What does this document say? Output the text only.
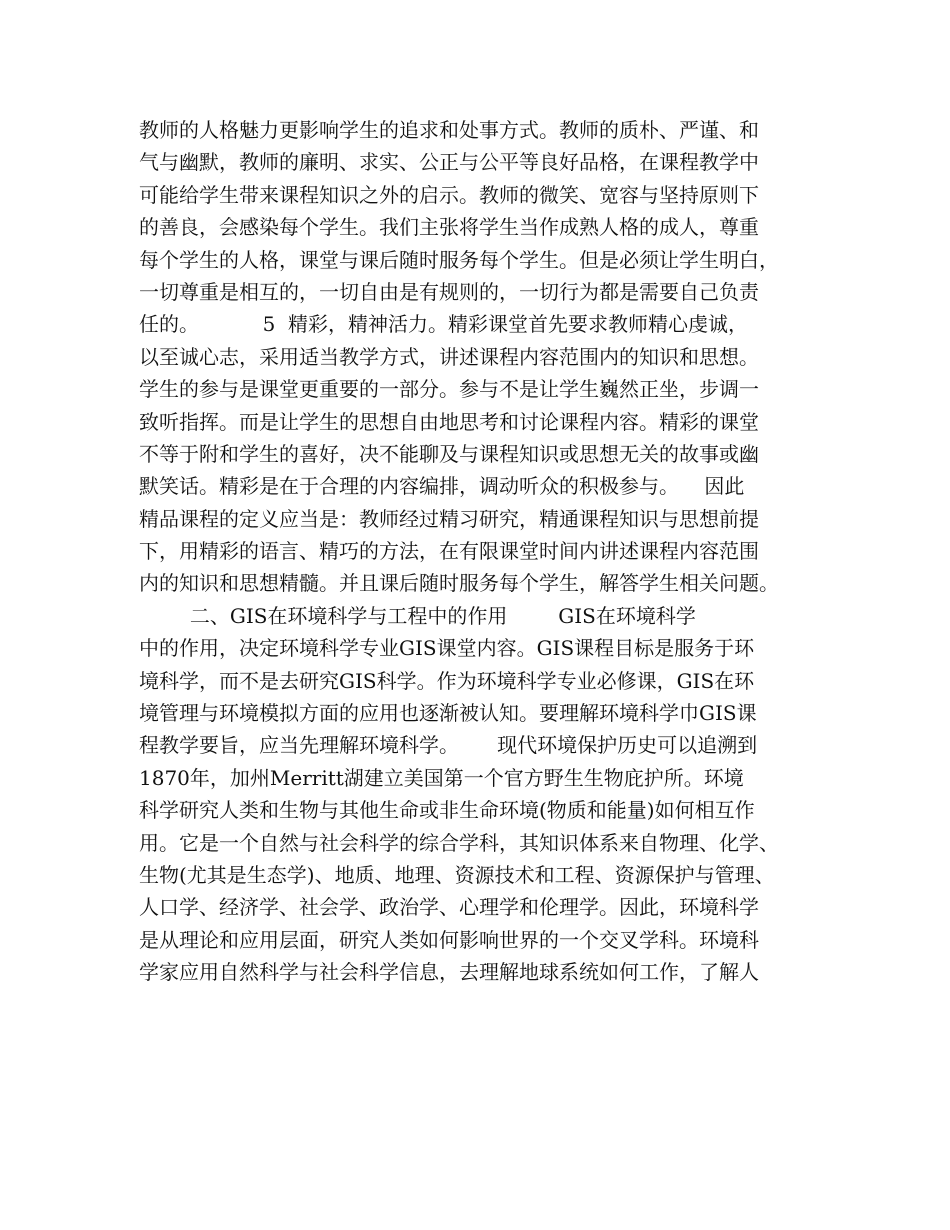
教师的人格魅力更影响学生的追求和处事方式。教师的质朴、严谨、和
气与幽默，教师的廉明、求实、公正与公平等良好品格，在课程教学中
可能给学生带来课程知识之外的启示。教师的微笑、宽容与坚持原则下
的善良，会感染每个学生。我们主张将学生当作成熟人格的成人，尊重
每个学生的人格，课堂与课后随时服务每个学生。但是必须让学生明白，
一切尊重是相互的，一切自由是有规则的，一切行为都是需要自己负责
任的。          5  精彩，精神活力。精彩课堂首先要求教师精心虔诚，
以至诚心志，采用适当教学方式，讲述课程内容范围内的知识和思想。
学生的参与是课堂更重要的一部分。参与不是让学生巍然正坐，步调一
致听指挥。而是让学生的思想自由地思考和讨论课程内容。精彩的课堂
不等于附和学生的喜好，决不能聊及与课程知识或思想无关的故事或幽
默笑话。精彩是在于合理的内容编排，调动听众的积极参与。    因此
精品课程的定义应当是：教师经过精习研究，精通课程知识与思想前提
下，用精彩的语言、精巧的方法，在有限课堂时间内讲述课程内容范围
内的知识和思想精髓。并且课后随时服务每个学生，解答学生相关问题。
二、GIS在环境科学与工程中的作用        GIS在环境科学
中的作用，决定环境科学专业GIS课堂内容。GIS课程目标是服务于环
境科学，而不是去研究GIS科学。作为环境科学专业必修课，GIS在环
境管理与环境模拟方面的应用也逐渐被认知。要理解环境科学巾GIS课
程教学要旨，应当先理解环境科学。      现代环境保护历史可以追溯到
1870年，加州Merritt湖建立美国第一个官方野生生物庇护所。环境
科学研究人类和生物与其他生命或非生命环境(物质和能量)如何相互作
用。它是一个自然与社会科学的综合学科，其知识体系来自物理、化学、
生物(尤其是生态学)、地质、地理、资源技术和工程、资源保护与管理、
人口学、经济学、社会学、政治学、心理学和伦理学。因此，环境科学
是从理论和应用层面，研究人类如何影响世界的一个交叉学科。环境科
学家应用自然科学与社会科学信息，去理解地球系统如何工作，了解人
